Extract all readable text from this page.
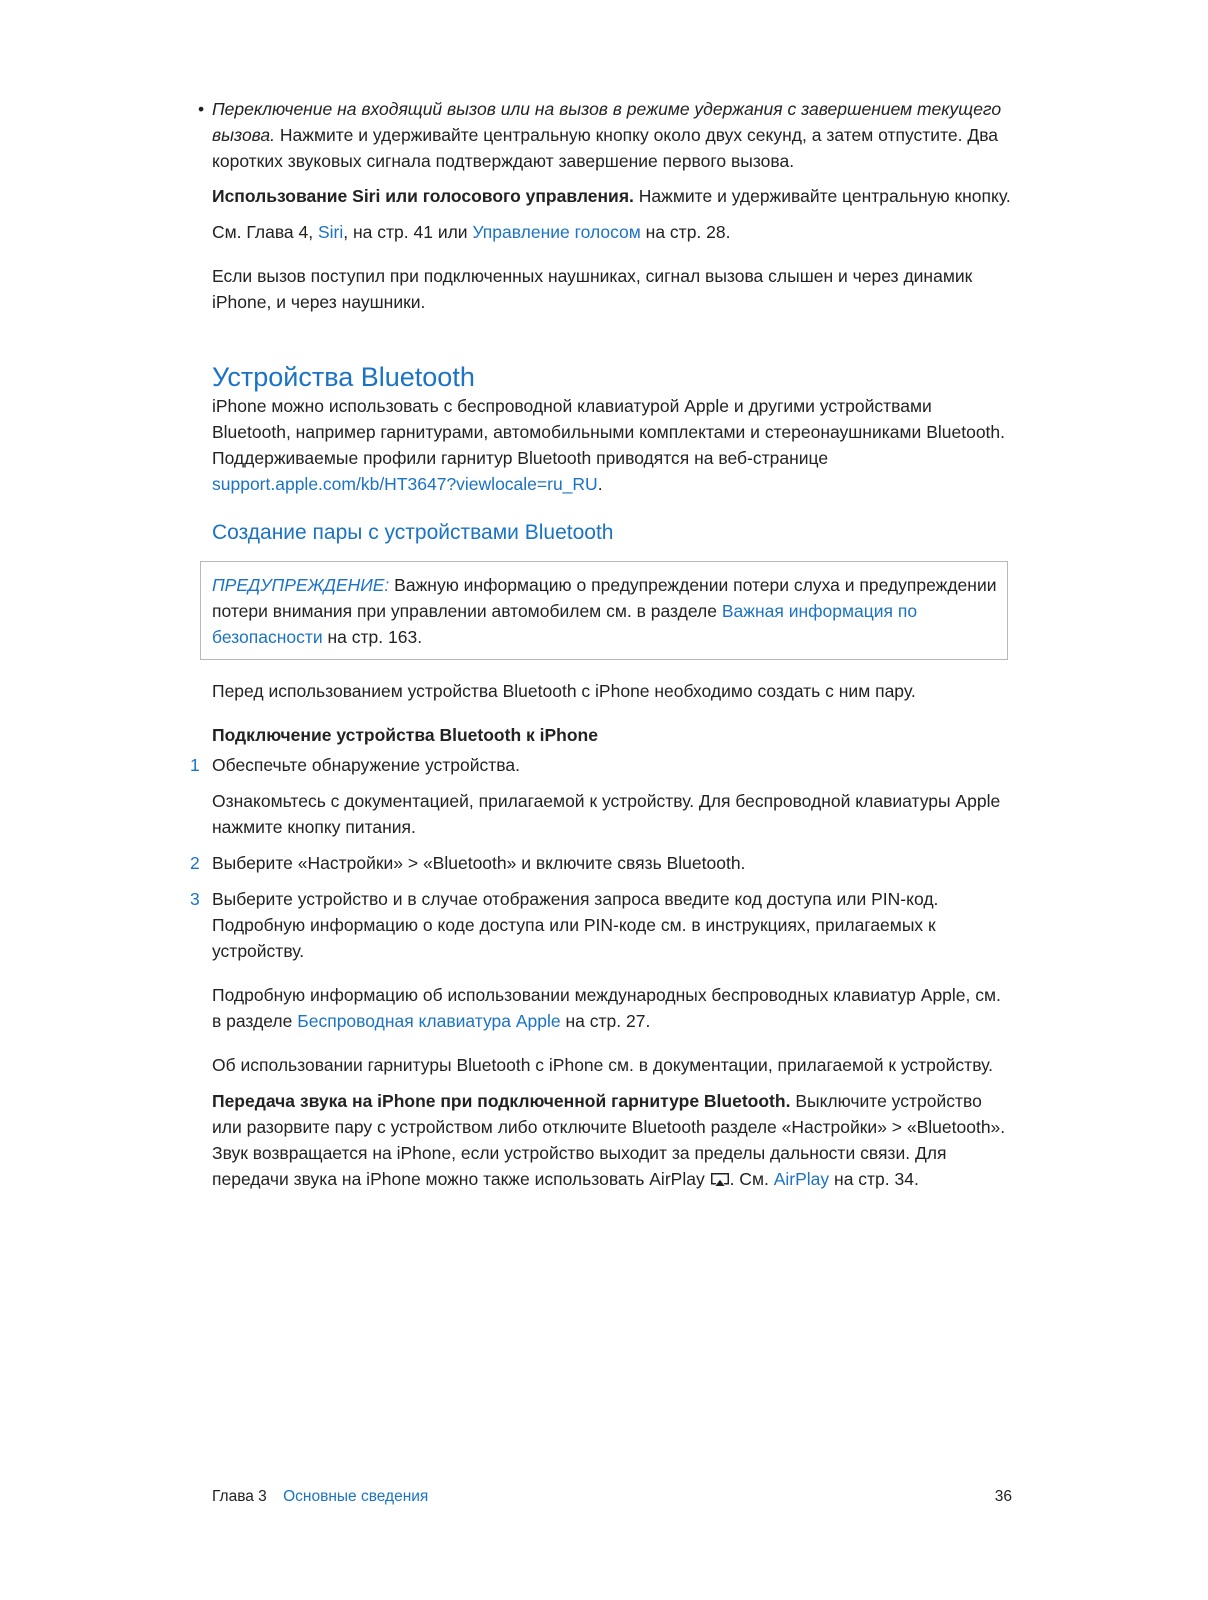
• Переключение на входящий вызов или на вызов в режиме удержания с завершением текущего вызова. Нажмите и удерживайте центральную кнопку около двух секунд, а затем отпустите. Два коротких звуковых сигнала подтверждают завершение первого вызова.

Использование Siri или голосового управления. Нажмите и удерживайте центральную кнопку.

См. Глава 4, Siri, на стр. 41 или Управление голосом на стр. 28.

Если вызов поступил при подключенных наушниках, сигнал вызова слышен и через динамик iPhone, и через наушники.

Устройства Bluetooth

iPhone можно использовать с беспроводной клавиатурой Apple и другими устройствами Bluetooth, например гарнитурами, автомобильными комплектами и стереонаушниками Bluetooth. Поддерживаемые профили гарнитур Bluetooth приводятся на веб-странице support.apple.com/kb/HT3647?viewlocale=ru_RU.

Создание пары с устройствами Bluetooth
ПРЕДУПРЕЖДЕНИЕ: Важную информацию о предупреждении потери слуха и предупреждении потери внимания при управлении автомобилем см. в разделе Важная информация по безопасности на стр. 163.

Перед использованием устройства Bluetooth с iPhone необходимо создать с ним пару.

Подключение устройства Bluetooth к iPhone

1 Обеспечьте обнаружение устройства.

Ознакомьтесь с документацией, прилагаемой к устройству. Для беспроводной клавиатуры Apple нажмите кнопку питания.

2 Выберите «Настройки» > «Bluetooth» и включите связь Bluetooth.

3 Выберите устройство и в случае отображения запроса введите код доступа или PIN-код. Подробную информацию о коде доступа или PIN-коде см. в инструкциях, прилагаемых к устройству.

Подробную информацию об использовании международных беспроводных клавиатур Apple, см. в разделе Беспроводная клавиатура Apple на стр. 27.

Об использовании гарнитуры Bluetooth с iPhone см. в документации, прилагаемой к устройству.

Передача звука на iPhone при подключенной гарнитуре Bluetooth. Выключите устройство или разорвите пару с устройством либо отключите Bluetooth разделе «Настройки» > «Bluetooth». Звук возвращается на iPhone, если устройство выходит за пределы дальности связи. Для передачи звука на iPhone можно также использовать AirPlay . См. AirPlay на стр. 34.

Глава 3 Основные сведения	36
